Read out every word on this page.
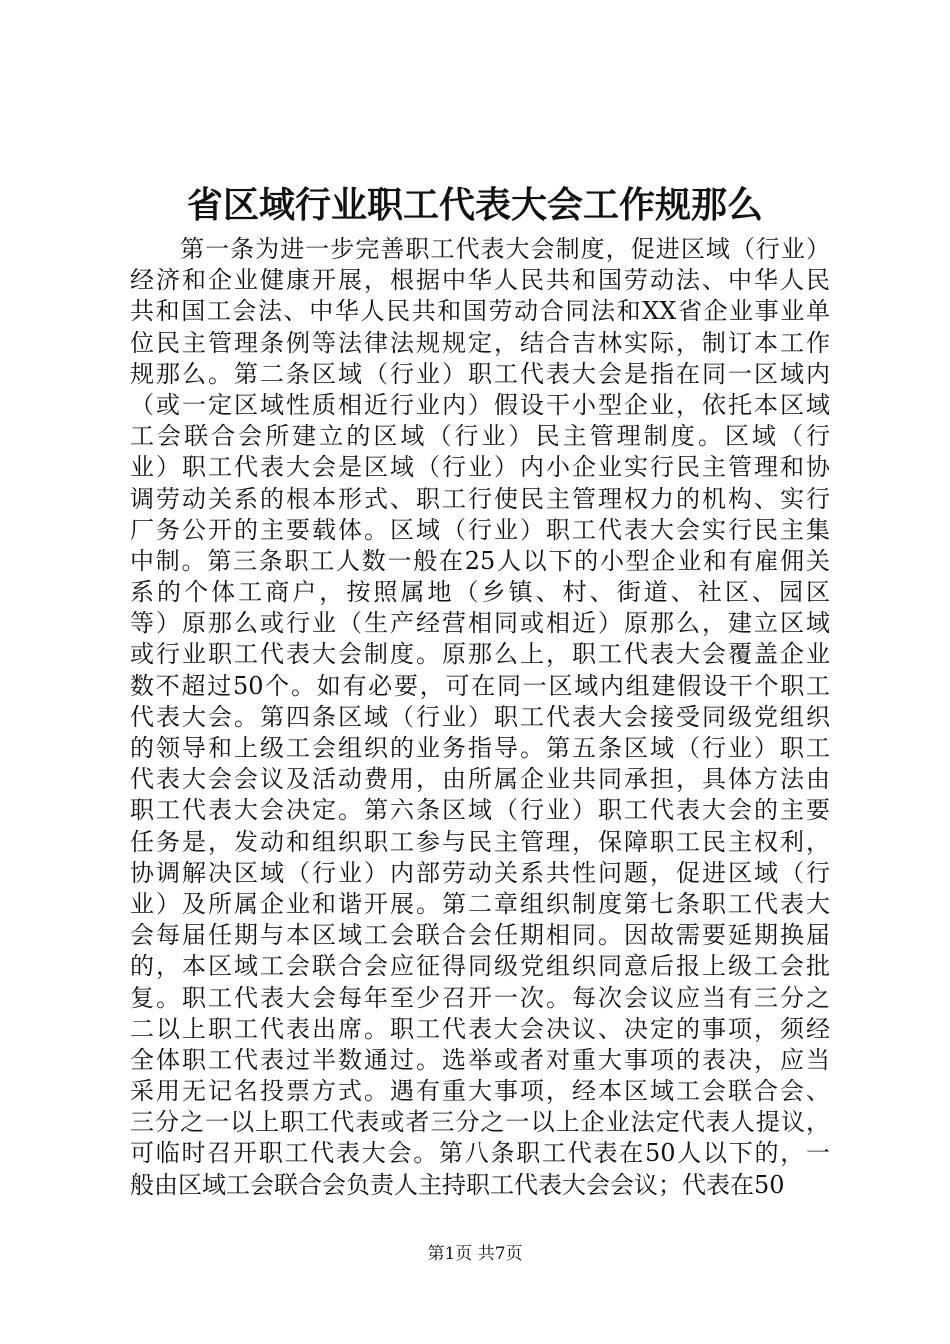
省区域行业职工代表大会工作规那么
　　第一条为进一步完善职工代表大会制度，促进区域（行业）
经济和企业健康开展，根据中华人民共和国劳动法、中华人民
共和国工会法、中华人民共和国劳动合同法和XX省企业事业单
位民主管理条例等法律法规规定，结合吉林实际，制订本工作
规那么。第二条区域（行业）职工代表大会是指在同一区域内
（或一定区域性质相近行业内）假设干小型企业，依托本区域
工会联合会所建立的区域（行业）民主管理制度。区域（行
业）职工代表大会是区域（行业）内小企业实行民主管理和协
调劳动关系的根本形式、职工行使民主管理权力的机构、实行
厂务公开的主要载体。区域（行业）职工代表大会实行民主集
中制。第三条职工人数一般在25人以下的小型企业和有雇佣关
系的个体工商户，按照属地（乡镇、村、街道、社区、园区
等）原那么或行业（生产经营相同或相近）原那么，建立区域
或行业职工代表大会制度。原那么上，职工代表大会覆盖企业
数不超过50个。如有必要，可在同一区域内组建假设干个职工
代表大会。第四条区域（行业）职工代表大会接受同级党组织
的领导和上级工会组织的业务指导。第五条区域（行业）职工
代表大会会议及活动费用，由所属企业共同承担，具体方法由
职工代表大会决定。第六条区域（行业）职工代表大会的主要
任务是，发动和组织职工参与民主管理，保障职工民主权利，
协调解决区域（行业）内部劳动关系共性问题，促进区域（行
业）及所属企业和谐开展。第二章组织制度第七条职工代表大
会每届任期与本区域工会联合会任期相同。因故需要延期换届
的，本区域工会联合会应征得同级党组织同意后报上级工会批
复。职工代表大会每年至少召开一次。每次会议应当有三分之
二以上职工代表出席。职工代表大会决议、决定的事项，须经
全体职工代表过半数通过。选举或者对重大事项的表决，应当
采用无记名投票方式。遇有重大事项，经本区域工会联合会、
三分之一以上职工代表或者三分之一以上企业法定代表人提议，
可临时召开职工代表大会。第八条职工代表在50人以下的，一
般由区域工会联合会负责人主持职工代表大会会议；代表在50
第1页 共7页
